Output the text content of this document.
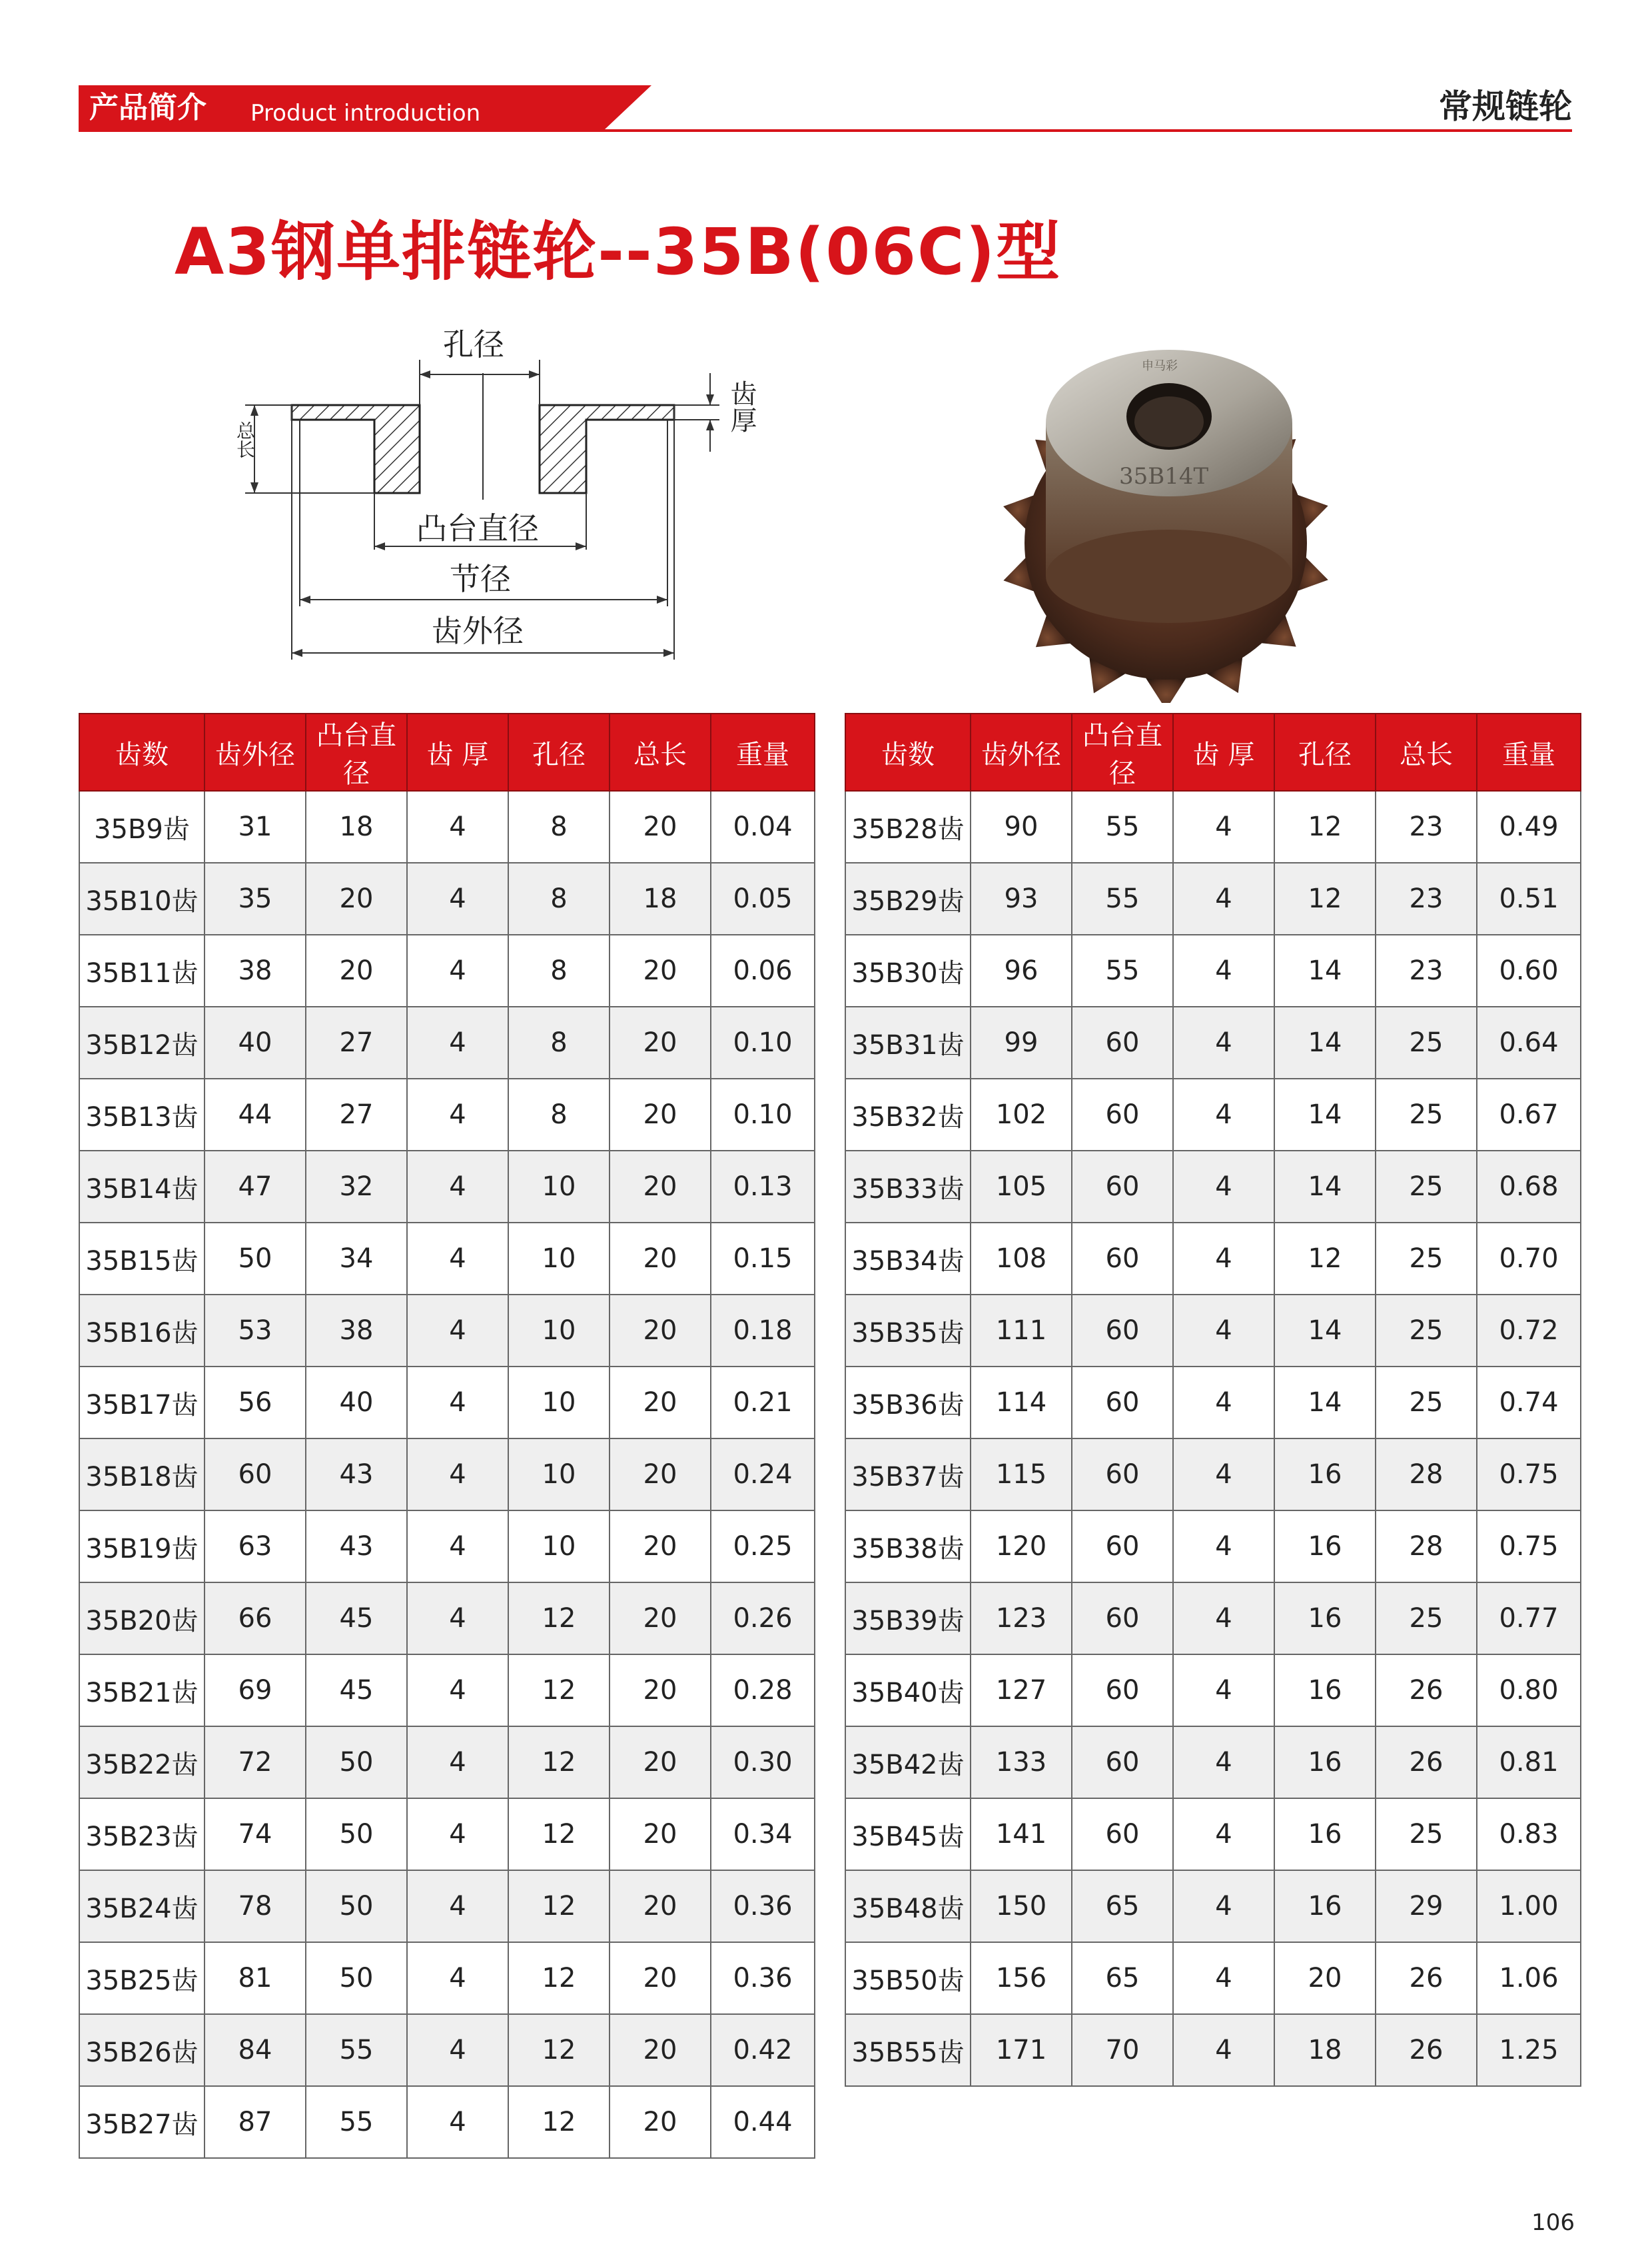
产品简介 Product introduction	常规链轮
A3钢单排链轮--35B(06C)型
孔径
凸台直径
节径
齿外径
总长
齿厚
35B14T
申马彩
齿数	齿外径	凸台直径	齿 厚	孔径	总长	重量
35B9齿	31	18	4	8	20	0.04
35B10齿	35	20	4	8	18	0.05
35B11齿	38	20	4	8	20	0.06
35B12齿	40	27	4	8	20	0.10
35B13齿	44	27	4	8	20	0.10
35B14齿	47	32	4	10	20	0.13
35B15齿	50	34	4	10	20	0.15
35B16齿	53	38	4	10	20	0.18
35B17齿	56	40	4	10	20	0.21
35B18齿	60	43	4	10	20	0.24
35B19齿	63	43	4	10	20	0.25
35B20齿	66	45	4	12	20	0.26
35B21齿	69	45	4	12	20	0.28
35B22齿	72	50	4	12	20	0.30
35B23齿	74	50	4	12	20	0.34
35B24齿	78	50	4	12	20	0.36
35B25齿	81	50	4	12	20	0.36
35B26齿	84	55	4	12	20	0.42
35B27齿	87	55	4	12	20	0.44
齿数	齿外径	凸台直径	齿 厚	孔径	总长	重量
35B28齿	90	55	4	12	23	0.49
35B29齿	93	55	4	12	23	0.51
35B30齿	96	55	4	14	23	0.60
35B31齿	99	60	4	14	25	0.64
35B32齿	102	60	4	14	25	0.67
35B33齿	105	60	4	14	25	0.68
35B34齿	108	60	4	12	25	0.70
35B35齿	111	60	4	14	25	0.72
35B36齿	114	60	4	14	25	0.74
35B37齿	115	60	4	16	28	0.75
35B38齿	120	60	4	16	28	0.75
35B39齿	123	60	4	16	25	0.77
35B40齿	127	60	4	16	26	0.80
35B42齿	133	60	4	16	26	0.81
35B45齿	141	60	4	16	25	0.83
35B48齿	150	65	4	16	29	1.00
35B50齿	156	65	4	20	26	1.06
35B55齿	171	70	4	18	26	1.25
106
